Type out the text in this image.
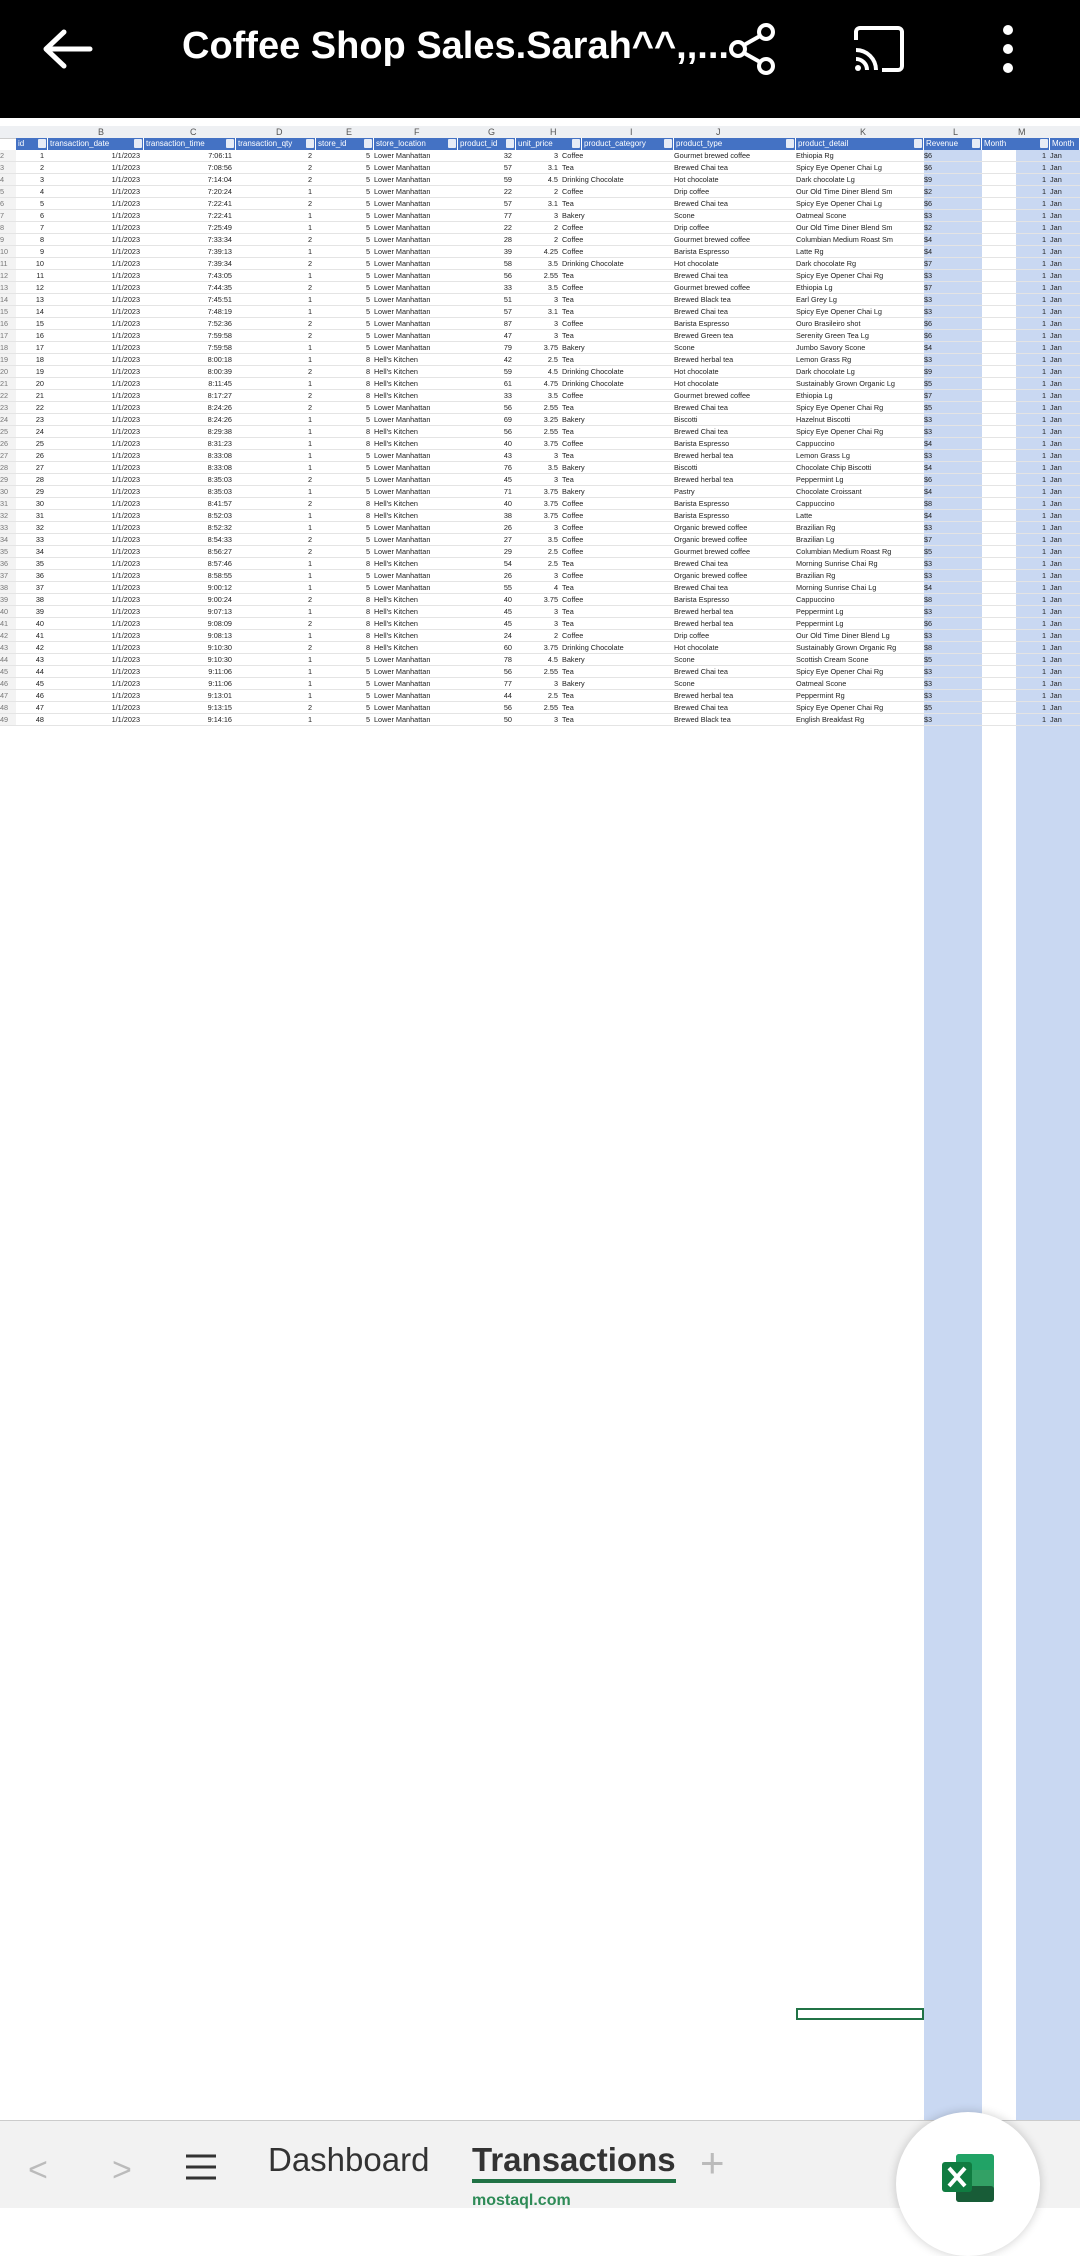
Coffee Shop Sales.Sarah^^,,...
B	C	D	E	F	G	H	I	J	K	L	M
id	transaction_date	transaction_time	transaction_qty	store_id	store_location	product_id	unit_price	product_category	product_type	product_detail	Revenue	Month	Month
2	1	1/1/2023	7:06:11	2	5 Lower Manhattan	32	3 Coffee	Gourmet brewed coffee	Ethiopia Rg	$6	1 Jan
3	2	1/1/2023	7:08:56	2	5 Lower Manhattan	57	3.1 Tea	Brewed Chai tea	Spicy Eye Opener Chai Lg	$6	1 Jan
4	3	1/1/2023	7:14:04	2	5 Lower Manhattan	59	4.5 Drinking Chocolate	Hot chocolate	Dark chocolate Lg	$9	1 Jan
5	4	1/1/2023	7:20:24	1	5 Lower Manhattan	22	2 Coffee	Drip coffee	Our Old Time Diner Blend Sm	$2	1 Jan
6	5	1/1/2023	7:22:41	2	5 Lower Manhattan	57	3.1 Tea	Brewed Chai tea	Spicy Eye Opener Chai Lg	$6	1 Jan
7	6	1/1/2023	7:22:41	1	5 Lower Manhattan	77	3 Bakery	Scone	Oatmeal Scone	$3	1 Jan
8	7	1/1/2023	7:25:49	1	5 Lower Manhattan	22	2 Coffee	Drip coffee	Our Old Time Diner Blend Sm	$2	1 Jan
9	8	1/1/2023	7:33:34	2	5 Lower Manhattan	28	2 Coffee	Gourmet brewed coffee	Columbian Medium Roast Sm	$4	1 Jan
10	9	1/1/2023	7:39:13	1	5 Lower Manhattan	39	4.25 Coffee	Barista Espresso	Latte Rg	$4	1 Jan
11	10	1/1/2023	7:39:34	2	5 Lower Manhattan	58	3.5 Drinking Chocolate	Hot chocolate	Dark chocolate Rg	$7	1 Jan
12	11	1/1/2023	7:43:05	1	5 Lower Manhattan	56	2.55 Tea	Brewed Chai tea	Spicy Eye Opener Chai Rg	$3	1 Jan
13	12	1/1/2023	7:44:35	2	5 Lower Manhattan	33	3.5 Coffee	Gourmet brewed coffee	Ethiopia Lg	$7	1 Jan
14	13	1/1/2023	7:45:51	1	5 Lower Manhattan	51	3 Tea	Brewed Black tea	Earl Grey Lg	$3	1 Jan
15	14	1/1/2023	7:48:19	1	5 Lower Manhattan	57	3.1 Tea	Brewed Chai tea	Spicy Eye Opener Chai Lg	$3	1 Jan
16	15	1/1/2023	7:52:36	2	5 Lower Manhattan	87	3 Coffee	Barista Espresso	Ouro Brasileiro shot	$6	1 Jan
17	16	1/1/2023	7:59:58	2	5 Lower Manhattan	47	3 Tea	Brewed Green tea	Serenity Green Tea Lg	$6	1 Jan
18	17	1/1/2023	7:59:58	1	5 Lower Manhattan	79	3.75 Bakery	Scone	Jumbo Savory Scone	$4	1 Jan
19	18	1/1/2023	8:00:18	1	8 Hell's Kitchen	42	2.5 Tea	Brewed herbal tea	Lemon Grass Rg	$3	1 Jan
20	19	1/1/2023	8:00:39	2	8 Hell's Kitchen	59	4.5 Drinking Chocolate	Hot chocolate	Dark chocolate Lg	$9	1 Jan
21	20	1/1/2023	8:11:45	1	8 Hell's Kitchen	61	4.75 Drinking Chocolate	Hot chocolate	Sustainably Grown Organic Lg	$5	1 Jan
22	21	1/1/2023	8:17:27	2	8 Hell's Kitchen	33	3.5 Coffee	Gourmet brewed coffee	Ethiopia Lg	$7	1 Jan
23	22	1/1/2023	8:24:26	2	5 Lower Manhattan	56	2.55 Tea	Brewed Chai tea	Spicy Eye Opener Chai Rg	$5	1 Jan
24	23	1/1/2023	8:24:26	1	5 Lower Manhattan	69	3.25 Bakery	Biscotti	Hazelnut Biscotti	$3	1 Jan
25	24	1/1/2023	8:29:38	1	8 Hell's Kitchen	56	2.55 Tea	Brewed Chai tea	Spicy Eye Opener Chai Rg	$3	1 Jan
26	25	1/1/2023	8:31:23	1	8 Hell's Kitchen	40	3.75 Coffee	Barista Espresso	Cappuccino	$4	1 Jan
27	26	1/1/2023	8:33:08	1	5 Lower Manhattan	43	3 Tea	Brewed herbal tea	Lemon Grass Lg	$3	1 Jan
28	27	1/1/2023	8:33:08	1	5 Lower Manhattan	76	3.5 Bakery	Biscotti	Chocolate Chip Biscotti	$4	1 Jan
29	28	1/1/2023	8:35:03	2	5 Lower Manhattan	45	3 Tea	Brewed herbal tea	Peppermint Lg	$6	1 Jan
30	29	1/1/2023	8:35:03	1	5 Lower Manhattan	71	3.75 Bakery	Pastry	Chocolate Croissant	$4	1 Jan
31	30	1/1/2023	8:41:57	2	8 Hell's Kitchen	40	3.75 Coffee	Barista Espresso	Cappuccino	$8	1 Jan
32	31	1/1/2023	8:52:03	1	8 Hell's Kitchen	38	3.75 Coffee	Barista Espresso	Latte	$4	1 Jan
33	32	1/1/2023	8:52:32	1	5 Lower Manhattan	26	3 Coffee	Organic brewed coffee	Brazilian Rg	$3	1 Jan
34	33	1/1/2023	8:54:33	2	5 Lower Manhattan	27	3.5 Coffee	Organic brewed coffee	Brazilian Lg	$7	1 Jan
35	34	1/1/2023	8:56:27	2	5 Lower Manhattan	29	2.5 Coffee	Gourmet brewed coffee	Columbian Medium Roast Rg	$5	1 Jan
36	35	1/1/2023	8:57:46	1	8 Hell's Kitchen	54	2.5 Tea	Brewed Chai tea	Morning Sunrise Chai Rg	$3	1 Jan
37	36	1/1/2023	8:58:55	1	5 Lower Manhattan	26	3 Coffee	Organic brewed coffee	Brazilian Rg	$3	1 Jan
38	37	1/1/2023	9:00:12	1	5 Lower Manhattan	55	4 Tea	Brewed Chai tea	Morning Sunrise Chai Lg	$4	1 Jan
39	38	1/1/2023	9:00:24	2	8 Hell's Kitchen	40	3.75 Coffee	Barista Espresso	Cappuccino	$8	1 Jan
40	39	1/1/2023	9:07:13	1	8 Hell's Kitchen	45	3 Tea	Brewed herbal tea	Peppermint Lg	$3	1 Jan
41	40	1/1/2023	9:08:09	2	8 Hell's Kitchen	45	3 Tea	Brewed herbal tea	Peppermint Lg	$6	1 Jan
42	41	1/1/2023	9:08:13	1	8 Hell's Kitchen	24	2 Coffee	Drip coffee	Our Old Time Diner Blend Lg	$3	1 Jan
43	42	1/1/2023	9:10:30	2	8 Hell's Kitchen	60	3.75 Drinking Chocolate	Hot chocolate	Sustainably Grown Organic Rg	$8	1 Jan
44	43	1/1/2023	9:10:30	1	5 Lower Manhattan	78	4.5 Bakery	Scone	Scottish Cream Scone	$5	1 Jan
45	44	1/1/2023	9:11:06	1	5 Lower Manhattan	56	2.55 Tea	Brewed Chai tea	Spicy Eye Opener Chai Rg	$3	1 Jan
46	45	1/1/2023	9:11:06	1	5 Lower Manhattan	77	3 Bakery	Scone	Oatmeal Scone	$3	1 Jan
47	46	1/1/2023	9:13:01	1	5 Lower Manhattan	44	2.5 Tea	Brewed herbal tea	Peppermint Rg	$3	1 Jan
48	47	1/1/2023	9:13:15	2	5 Lower Manhattan	56	2.55 Tea	Brewed Chai tea	Spicy Eye Opener Chai Rg	$5	1 Jan
49	48	1/1/2023	9:14:16	1	5 Lower Manhattan	50	3 Tea	Brewed Black tea	English Breakfast Rg	$3	1 Jan
< >	Dashboard Transactions +
mostaql.com
